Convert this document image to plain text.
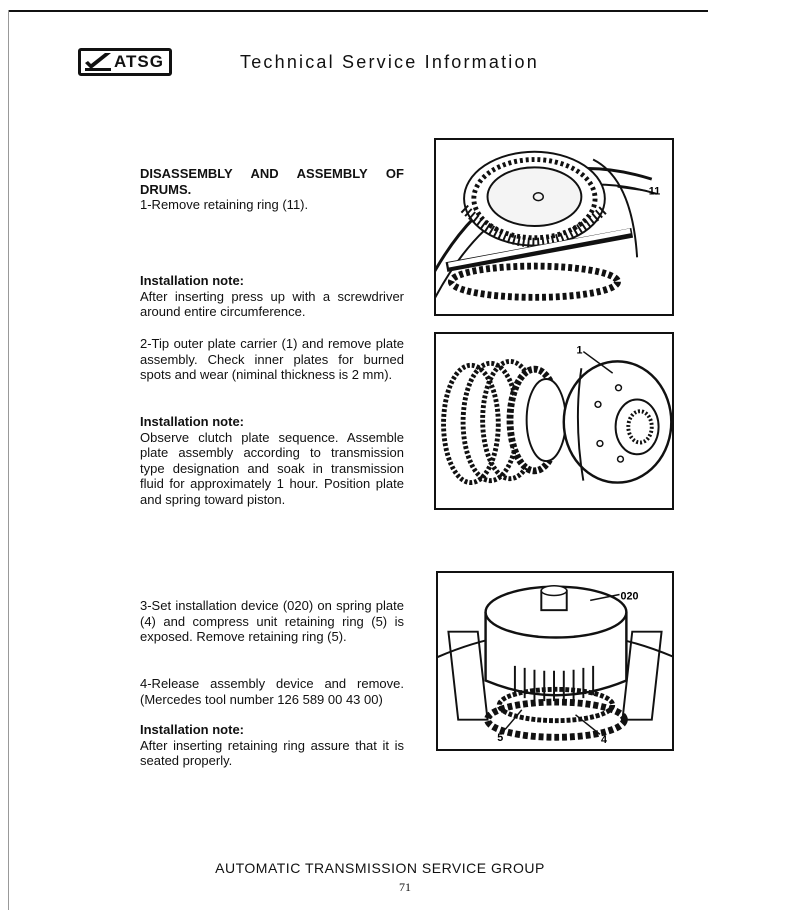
ATSG	Technical Service Information

DISASSEMBLY AND ASSEMBLY OF DRUMS.

1-Remove retaining ring (11).

Installation note:

After inserting press up with a screwdriver around entire circumference.

2-Tip outer plate carrier (1) and remove plate assembly. Check inner plates for burned spots and wear (niminal thickness is 2 mm).

Installation note:

Observe clutch plate sequence. Assemble plate assembly according to transmission type designation and soak in transmission fluid for approximately 1 hour. Position plate and spring toward piston.

3-Set installation device (020) on spring plate (4) and compress unit retaining ring (5) is exposed. Remove retaining ring (5).

4-Release assembly device and remove. (Mercedes tool number 126 589 00 43 00)

Installation note:

After inserting retaining ring assure that it is seated properly.

11
1
020
5	4
AUTOMATIC TRANSMISSION SERVICE GROUP
71
